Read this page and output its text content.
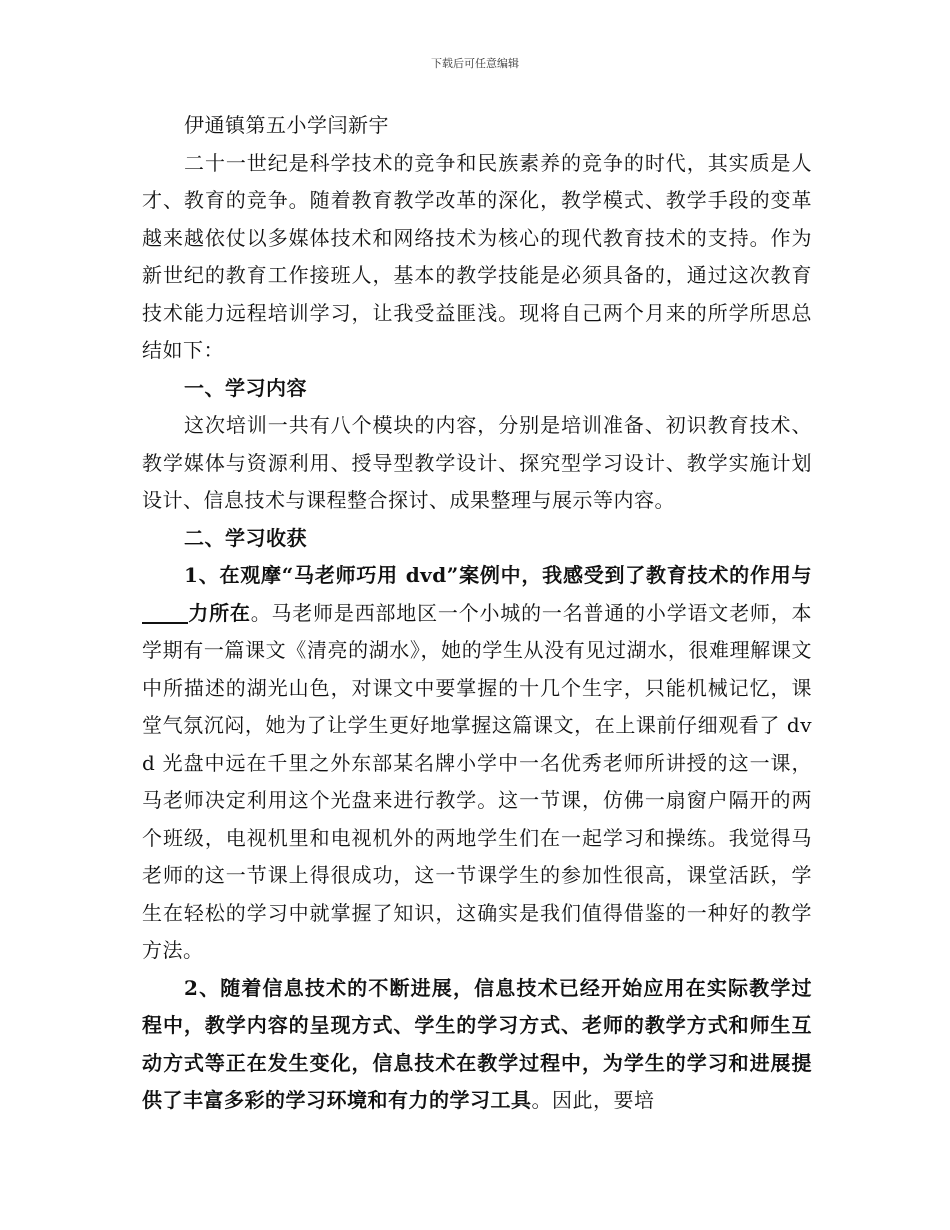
下载后可任意编辑

伊通镇第五小学闫新宇

二十一世纪是科学技术的竞争和民族素养的竞争的时代，其实质是人才、教育的竞争。随着教育教学改革的深化，教学模式、教学手段的变革越来越依仗以多媒体技术和网络技术为核心的现代教育技术的支持。作为新世纪的教育工作接班人，基本的教学技能是必须具备的，通过这次教育技术能力远程培训学习，让我受益匪浅。现将自己两个月来的所学所思总结如下：

一、学习内容

这次培训一共有八个模块的内容，分别是培训准备、初识教育技术、教学媒体与资源利用、授导型教学设计、探究型学习设计、教学实施计划设计、信息技术与课程整合探讨、成果整理与展示等内容。

二、学习收获

1、在观摩“马老师巧用 dvd”案例中，我感受到了教育技术的作用与力所在。马老师是西部地区一个小城的一名普通的小学语文老师，本学期有一篇课文《清亮的湖水》，她的学生从没有见过湖水，很难理解课文中所描述的湖光山色，对课文中要掌握的十几个生字，只能机械记忆，课堂气氛沉闷，她为了让学生更好地掌握这篇课文，在上课前仔细观看了 dvd 光盘中远在千里之外东部某名牌小学中一名优秀老师所讲授的这一课，马老师决定利用这个光盘来进行教学。这一节课，仿佛一扇窗户隔开的两个班级，电视机里和电视机外的两地学生们在一起学习和操练。我觉得马老师的这一节课上得很成功，这一节课学生的参加性很高，课堂活跃，学生在轻松的学习中就掌握了知识，这确实是我们值得借鉴的一种好的教学方法。

2、随着信息技术的不断进展，信息技术已经开始应用在实际教学过程中，教学内容的呈现方式、学生的学习方式、老师的教学方式和师生互动方式等正在发生变化，信息技术在教学过程中，为学生的学习和进展提供了丰富多彩的学习环境和有力的学习工具。因此，要培
